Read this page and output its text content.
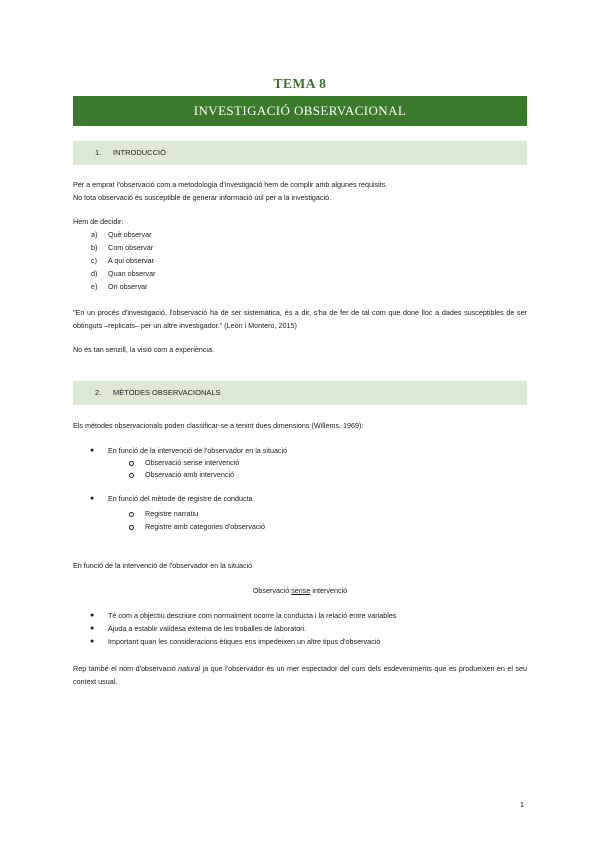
TEMA 8
INVESTIGACIÓ OBSERVACIONAL
1. INTRODUCCIÓ
Per a emprar l'observació com a metodologia d'investigació hem de complir amb algunes requisits.
No tota observació és susceptible de generar informació útil per a la investigació.
Hem de decidir:
a) Què observar
b) Com observar
c) A qui observar
d) Quan observar
e) On observar
"En un procés d'investigació, l'observació ha de ser sistemàtica, és a dir, s'ha de fer de tal com que done lloc a dades susceptibles de ser obtinguts –replicats– per un altre investigador." (León i Montero, 2015)
No és tan senzill, la visió com a experiència.
2. MÈTODES OBSERVACIONALS
Els mètodes observacionals poden classificar-se a tenint dues dimensions (Willems, 1969):
● En funció de la intervenció de l'observador en la situació
Observació sense intervenció
Observació amb intervenció
● En funció del mètode de registre de conducta
Registre narratiu
Registre amb categories d'observació
En funció de la intervenció de l'observador en la situació
Observació sense intervenció
● Té com a objectiu descriure com normalment ocorre la conducta i la relació entre variables
● Ajuda a establir validesa externa de les troballes de laboratori.
● Important quan les consideracions ètiques ens impedeixen un altre tipus d'observació
Rep també el nom d'observació natural ja que l'observador és un mer espectador del curs dels esdeveniments que es produeixen en el seu context usual.
1
